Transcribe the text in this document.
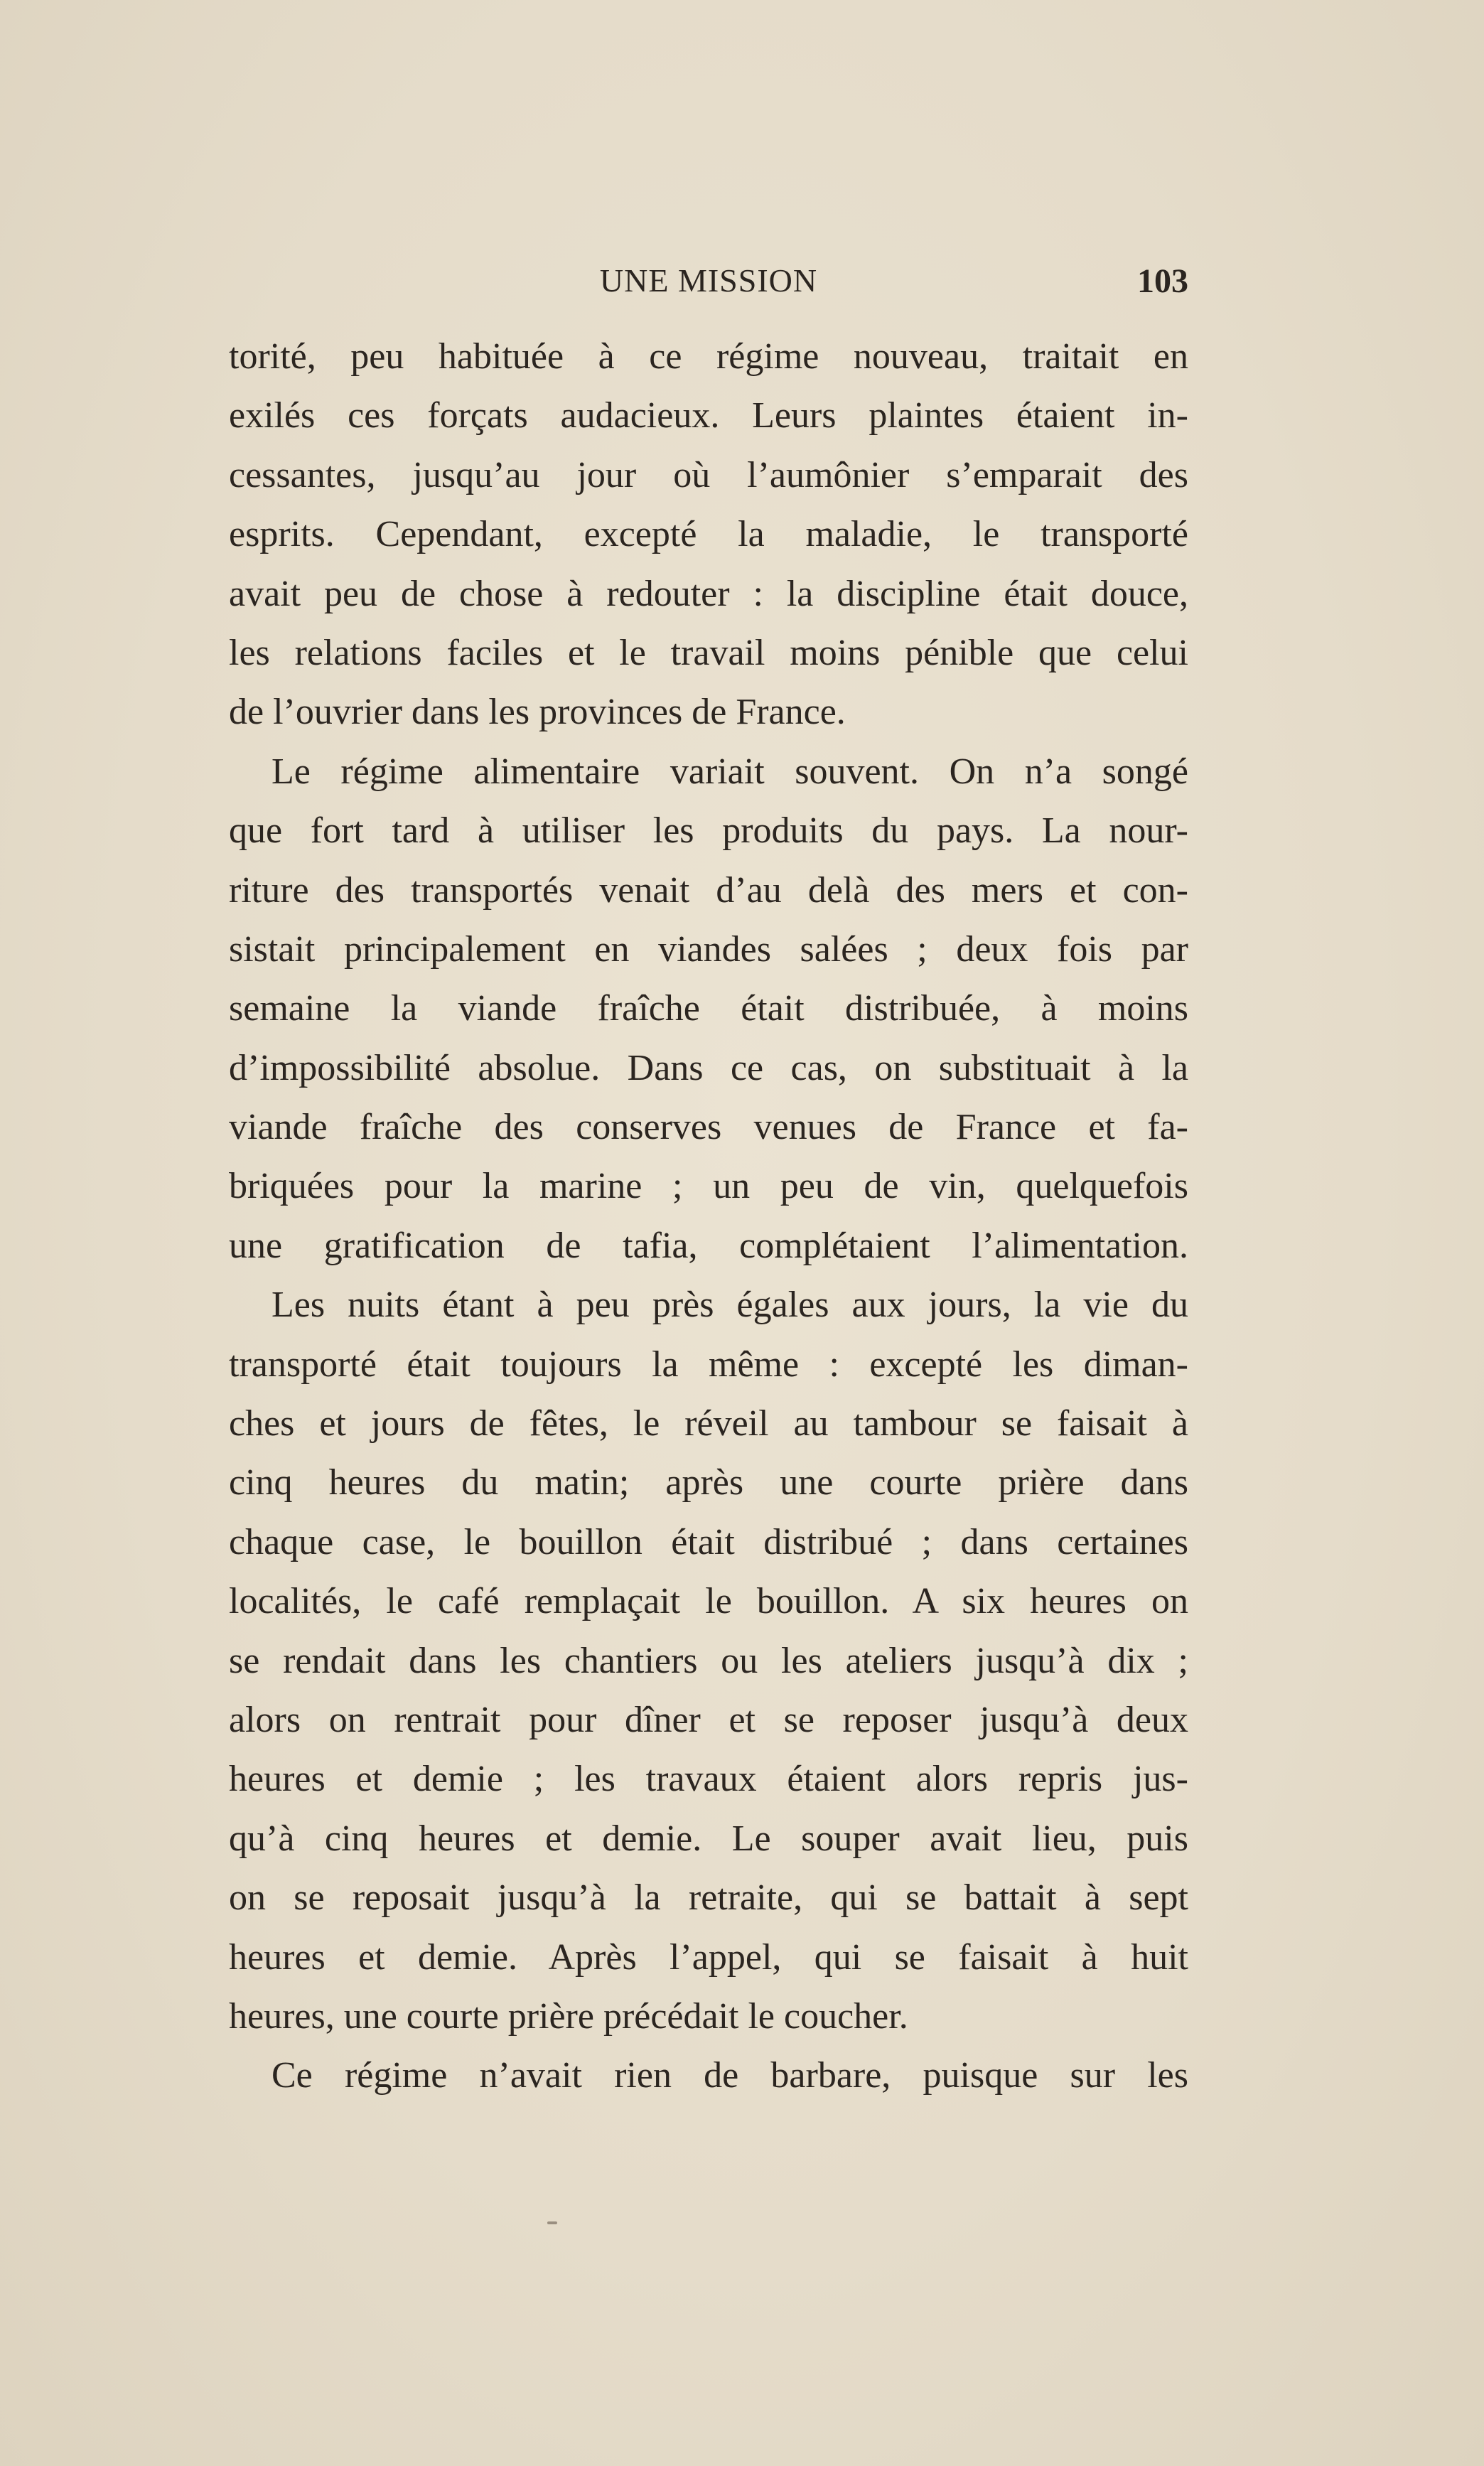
UNE MISSION	103
torité, peu habituée à ce régime nouveau, traitait en
exilés ces forçats audacieux. Leurs plaintes étaient in-
cessantes, jusqu’au jour où l’aumônier s’emparait des
esprits. Cependant, excepté la maladie, le transporté
avait peu de chose à redouter : la discipline était douce,
les relations faciles et le travail moins pénible que celui
de l’ouvrier dans les provinces de France.
Le régime alimentaire variait souvent. On n’a songé
que fort tard à utiliser les produits du pays. La nour-
riture des transportés venait d’au delà des mers et con-
sistait principalement en viandes salées ; deux fois par
semaine la viande fraîche était distribuée, à moins
d’impossibilité absolue. Dans ce cas, on substituait à la
viande fraîche des conserves venues de France et fa-
briquées pour la marine ; un peu de vin, quelquefois
une gratification de tafia, complétaient l’alimentation.
Les nuits étant à peu près égales aux jours, la vie du
transporté était toujours la même : excepté les diman-
ches et jours de fêtes, le réveil au tambour se faisait à
cinq heures du matin; après une courte prière dans
chaque case, le bouillon était distribué ; dans certaines
localités, le café remplaçait le bouillon. A six heures on
se rendait dans les chantiers ou les ateliers jusqu’à dix ;
alors on rentrait pour dîner et se reposer jusqu’à deux
heures et demie ; les travaux étaient alors repris jus-
qu’à cinq heures et demie. Le souper avait lieu, puis
on se reposait jusqu’à la retraite, qui se battait à sept
heures et demie. Après l’appel, qui se faisait à huit
heures, une courte prière précédait le coucher.
Ce régime n’avait rien de barbare, puisque sur les
